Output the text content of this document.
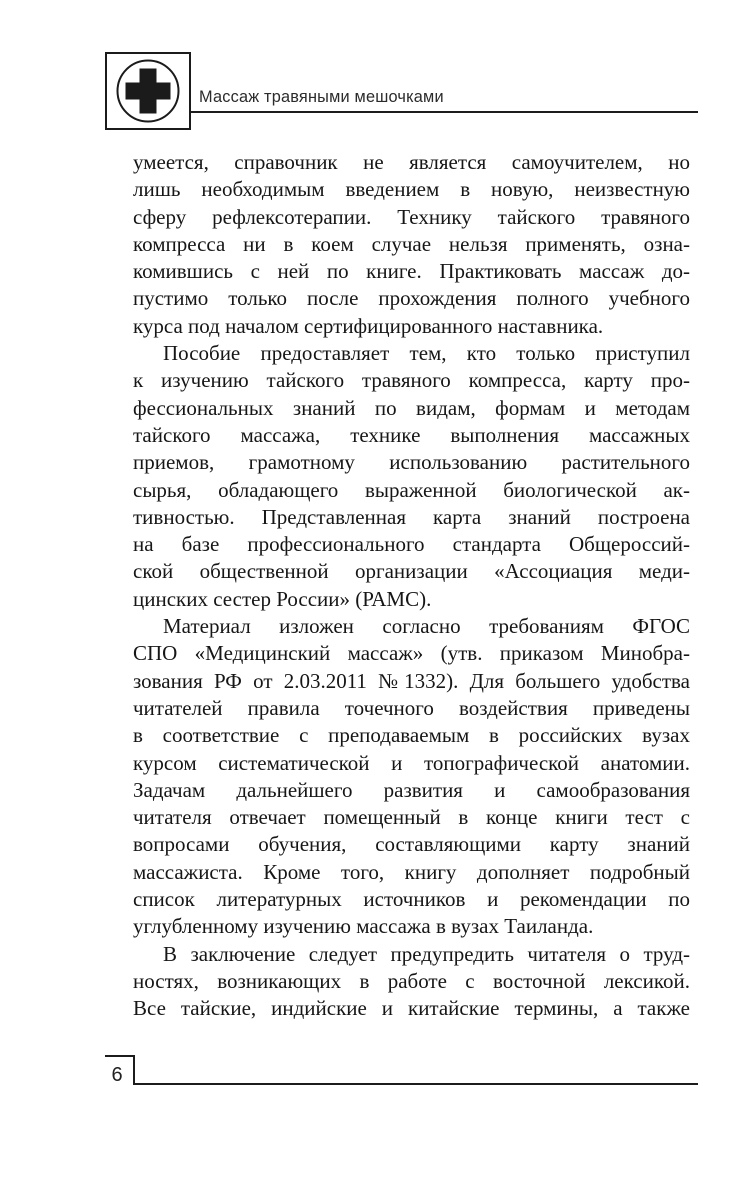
Массаж травяными мешочками
умеется, справочник не является самоучителем, но
лишь необходимым введением в новую, неизвестную
сферу рефлексотерапии. Технику тайского травяного
компресса ни в коем случае нельзя применять, озна-
комившись с ней по книге. Практиковать массаж до-
пустимо только после прохождения полного учебного
курса под началом сертифицированного наставника.
Пособие предоставляет тем, кто только приступил
к изучению тайского травяного компресса, карту про-
фессиональных знаний по видам, формам и методам
тайского массажа, технике выполнения массажных
приемов, грамотному использованию растительного
сырья, обладающего выраженной биологической ак-
тивностью. Представленная карта знаний построена
на базе профессионального стандарта Общероссий-
ской общественной организации «Ассоциация меди-
цинских сестер России» (РАМС).
Материал изложен согласно требованиям ФГОС
СПО «Медицинский массаж» (утв. приказом Минобра-
зования РФ от 2.03.2011 №1332). Для большего удобства
читателей правила точечного воздействия приведены
в соответствие с преподаваемым в российских вузах
курсом систематической и топографической анатомии.
Задачам дальнейшего развития и самообразования
читателя отвечает помещенный в конце книги тест с
вопросами обучения, составляющими карту знаний
массажиста. Кроме того, книгу дополняет подробный
список литературных источников и рекомендации по
углубленному изучению массажа в вузах Таиланда.
В заключение следует предупредить читателя о труд-
ностях, возникающих в работе с восточной лексикой.
Все тайские, индийские и китайские термины, а также
6
